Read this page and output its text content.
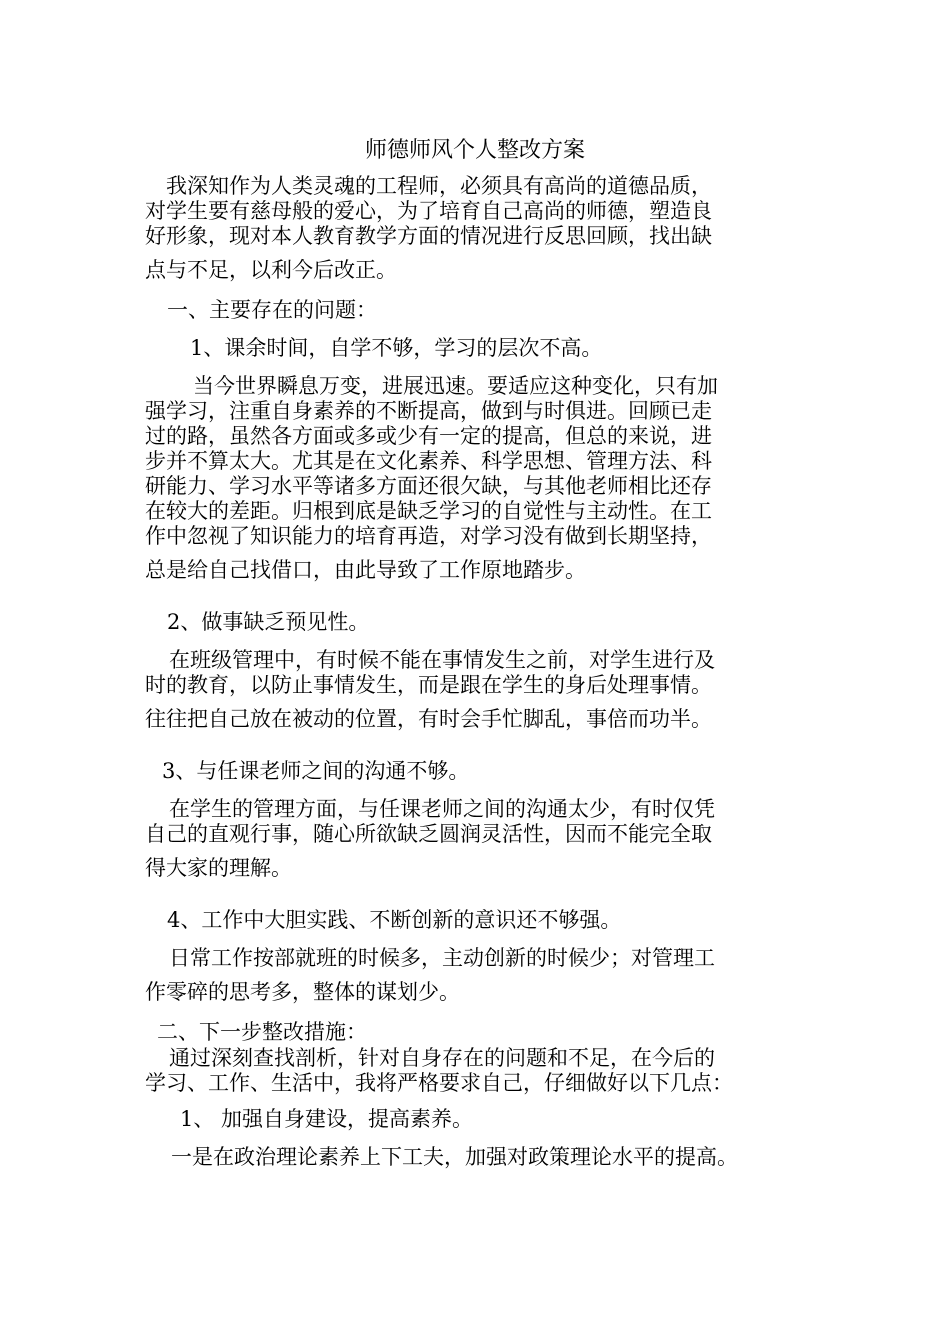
师德师风个人整改方案

我深知作为人类灵魂的工程师，必须具有高尚的道德品质，
对学生要有慈母般的爱心，为了培育自己高尚的师德，塑造良
好形象，现对本人教育教学方面的情况进行反思回顾，找出缺
点与不足，以利今后改正。

一、主要存在的问题：
1、课余时间，自学不够，学习的层次不高。

当今世界瞬息万变，进展迅速。要适应这种变化，只有加
强学习，注重自身素养的不断提高，做到与时俱进。回顾已走
过的路，虽然各方面或多或少有一定的提高，但总的来说，进
步并不算太大。尤其是在文化素养、科学思想、管理方法、科
研能力、学习水平等诸多方面还很欠缺，与其他老师相比还存
在较大的差距。归根到底是缺乏学习的自觉性与主动性。在工
作中忽视了知识能力的培育再造，对学习没有做到长期坚持，
总是给自己找借口，由此导致了工作原地踏步。

2、做事缺乏预见性。

在班级管理中，有时候不能在事情发生之前，对学生进行及
时的教育，以防止事情发生，而是跟在学生的身后处理事情。
往往把自己放在被动的位置，有时会手忙脚乱，事倍而功半。

3、与任课老师之间的沟通不够。

在学生的管理方面，与任课老师之间的沟通太少，有时仅凭
自己的直观行事，随心所欲缺乏圆润灵活性，因而不能完全取
得大家的理解。

4、工作中大胆实践、不断创新的意识还不够强。

日常工作按部就班的时候多，主动创新的时候少；对管理工
作零碎的思考多，整体的谋划少。

二、下一步整改措施：

通过深刻查找剖析，针对自身存在的问题和不足，在今后的
学习、工作、生活中，我将严格要求自己，仔细做好以下几点：

1、 加强自身建设，提高素养。
一是在政治理论素养上下工夫，加强对政策理论水平的提高。
